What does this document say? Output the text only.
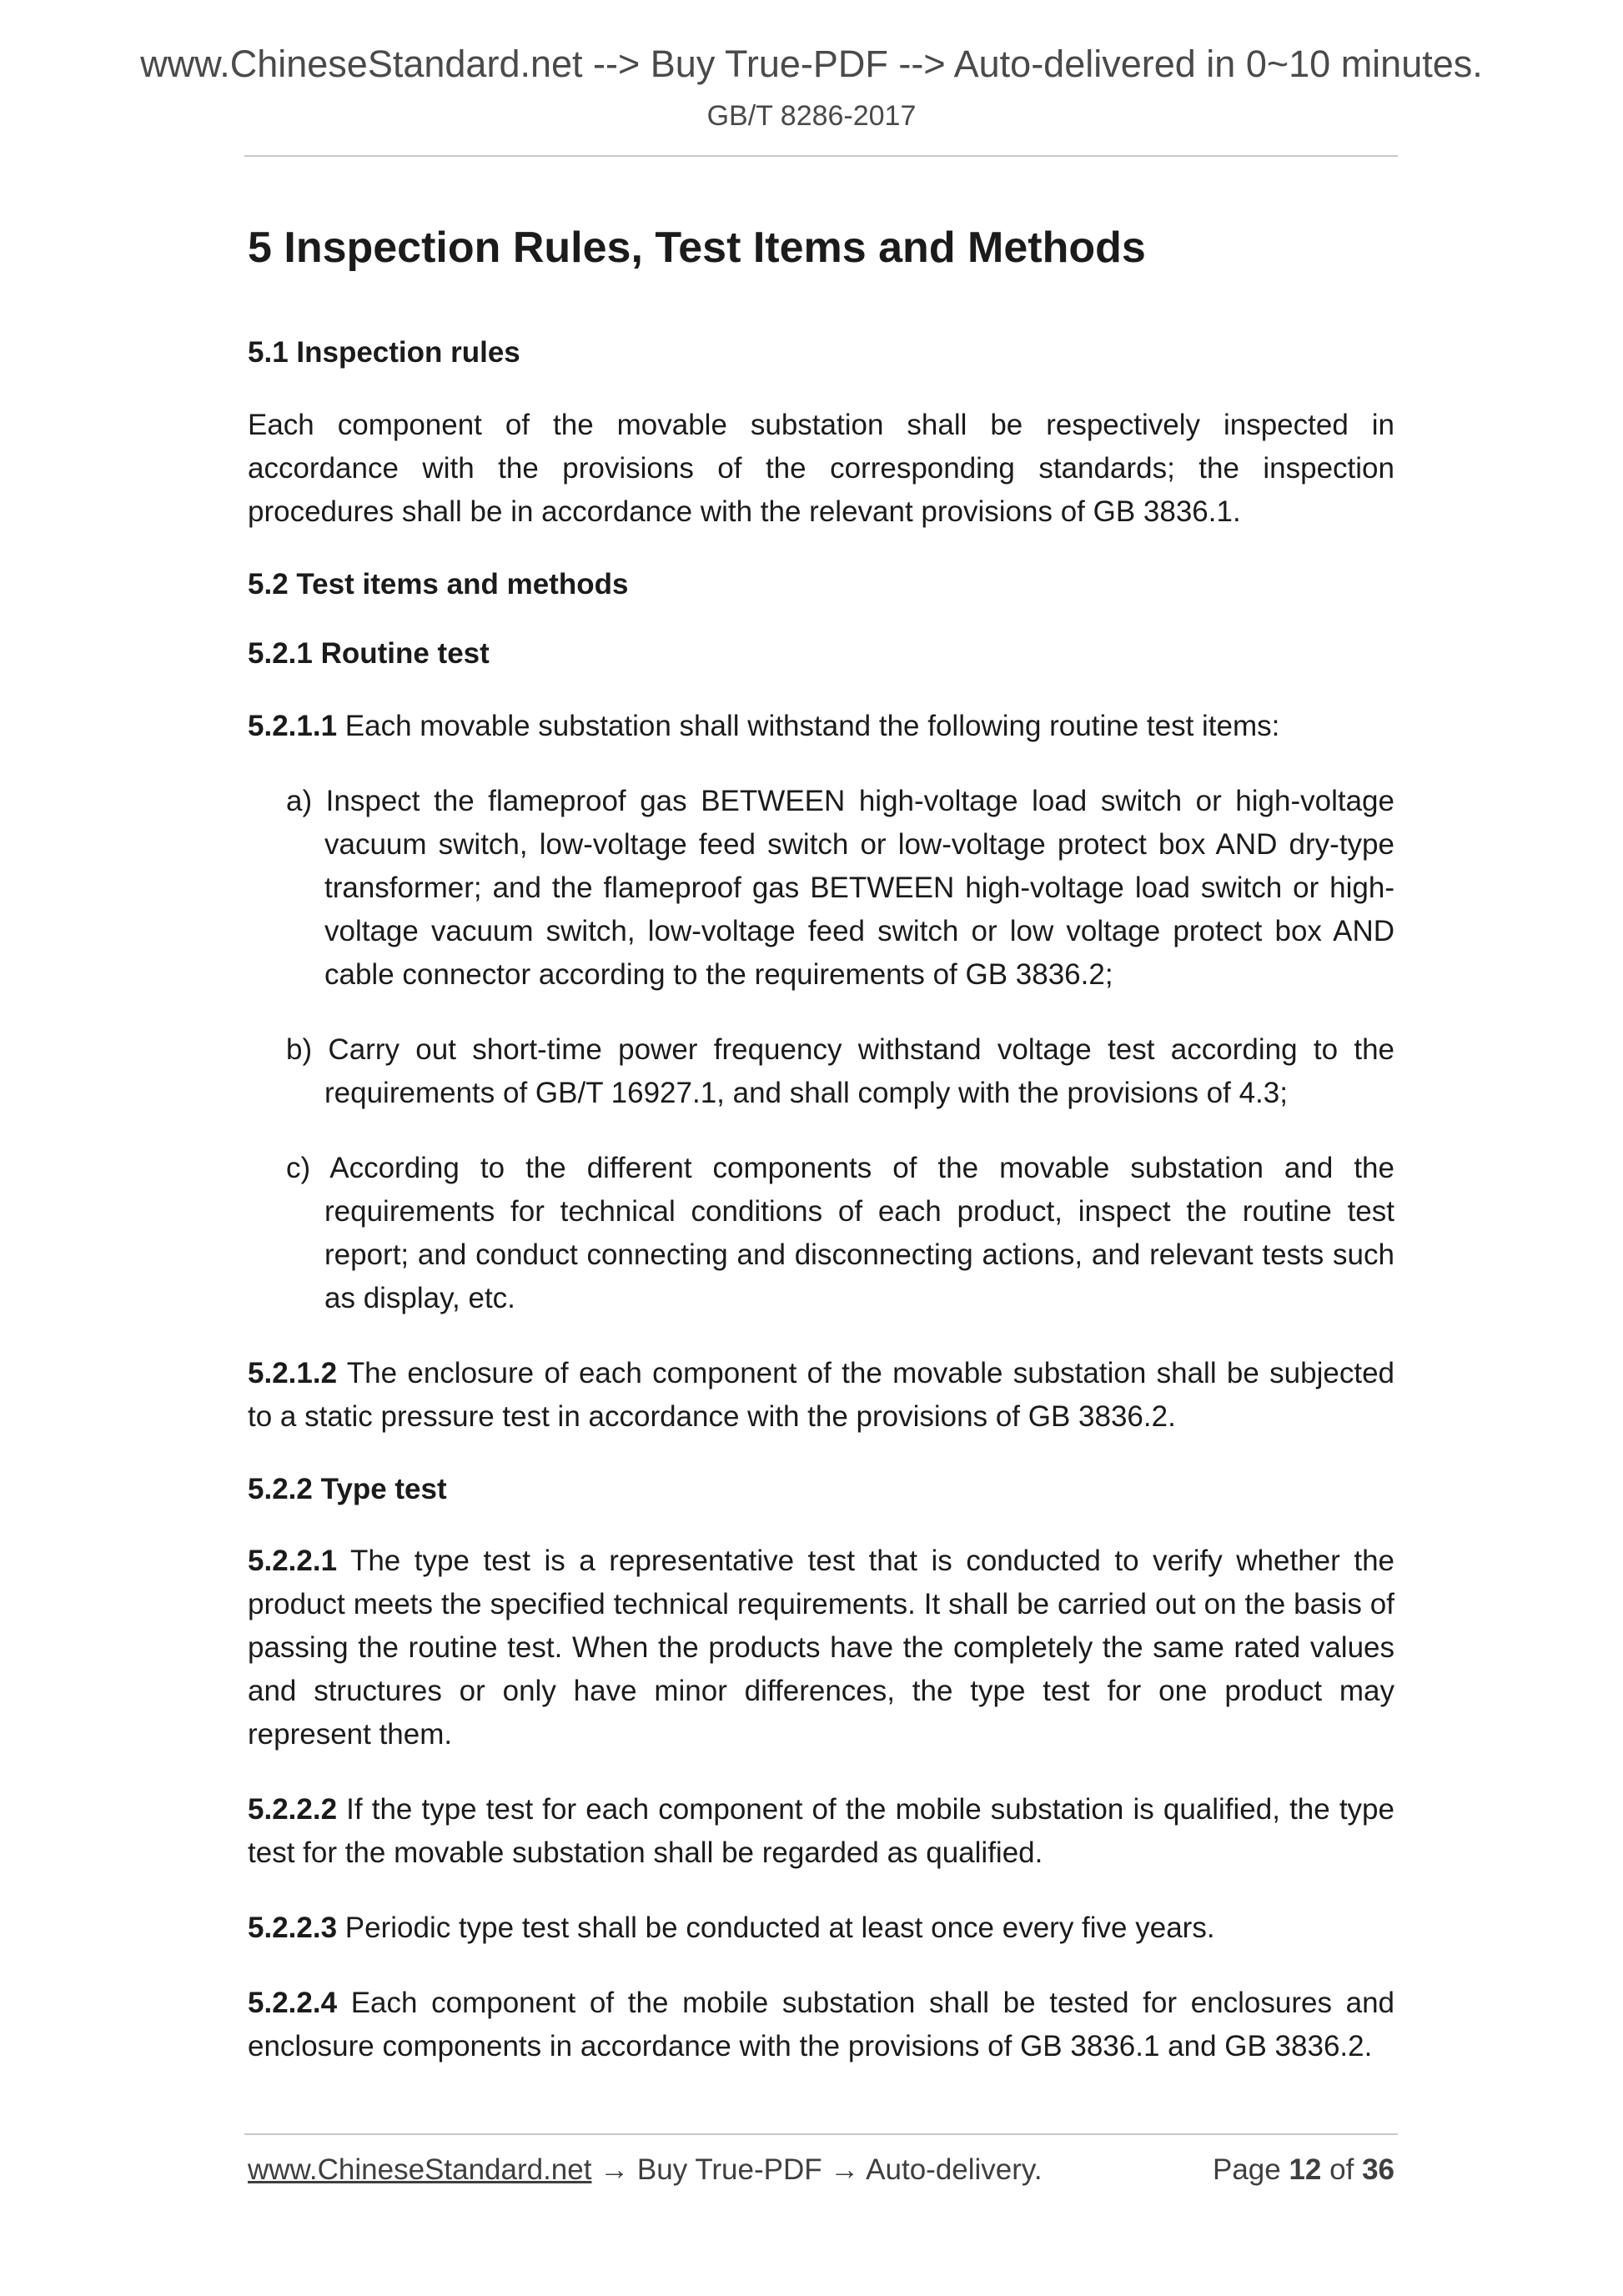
www.ChineseStandard.net --> Buy True-PDF --> Auto-delivered in 0~10 minutes.
GB/T 8286-2017
5 Inspection Rules, Test Items and Methods
5.1 Inspection rules

Each component of the movable substation shall be respectively inspected in accordance with the provisions of the corresponding standards; the inspection procedures shall be in accordance with the relevant provisions of GB 3836.1.

5.2 Test items and methods
5.2.1 Routine test

5.2.1.1 Each movable substation shall withstand the following routine test items:

a) Inspect the flameproof gas BETWEEN high-voltage load switch or high-voltage vacuum switch, low-voltage feed switch or low-voltage protect box AND dry-type transformer; and the flameproof gas BETWEEN high-voltage load switch or high-voltage vacuum switch, low-voltage feed switch or low voltage protect box AND cable connector according to the requirements of GB 3836.2;
b) Carry out short-time power frequency withstand voltage test according to the requirements of GB/T 16927.1, and shall comply with the provisions of 4.3;
c) According to the different components of the movable substation and the requirements for technical conditions of each product, inspect the routine test report; and conduct connecting and disconnecting actions, and relevant tests such as display, etc.

5.2.1.2 The enclosure of each component of the movable substation shall be subjected to a static pressure test in accordance with the provisions of GB 3836.2.

5.2.2 Type test

5.2.2.1 The type test is a representative test that is conducted to verify whether the product meets the specified technical requirements. It shall be carried out on the basis of passing the routine test. When the products have the completely the same rated values and structures or only have minor differences, the type test for one product may represent them.

5.2.2.2 If the type test for each component of the mobile substation is qualified, the type test for the movable substation shall be regarded as qualified.

5.2.2.3 Periodic type test shall be conducted at least once every five years.

5.2.2.4 Each component of the mobile substation shall be tested for enclosures and enclosure components in accordance with the provisions of GB 3836.1 and GB 3836.2.

www.ChineseStandard.net → Buy True-PDF → Auto-delivery.	Page 12 of 36
